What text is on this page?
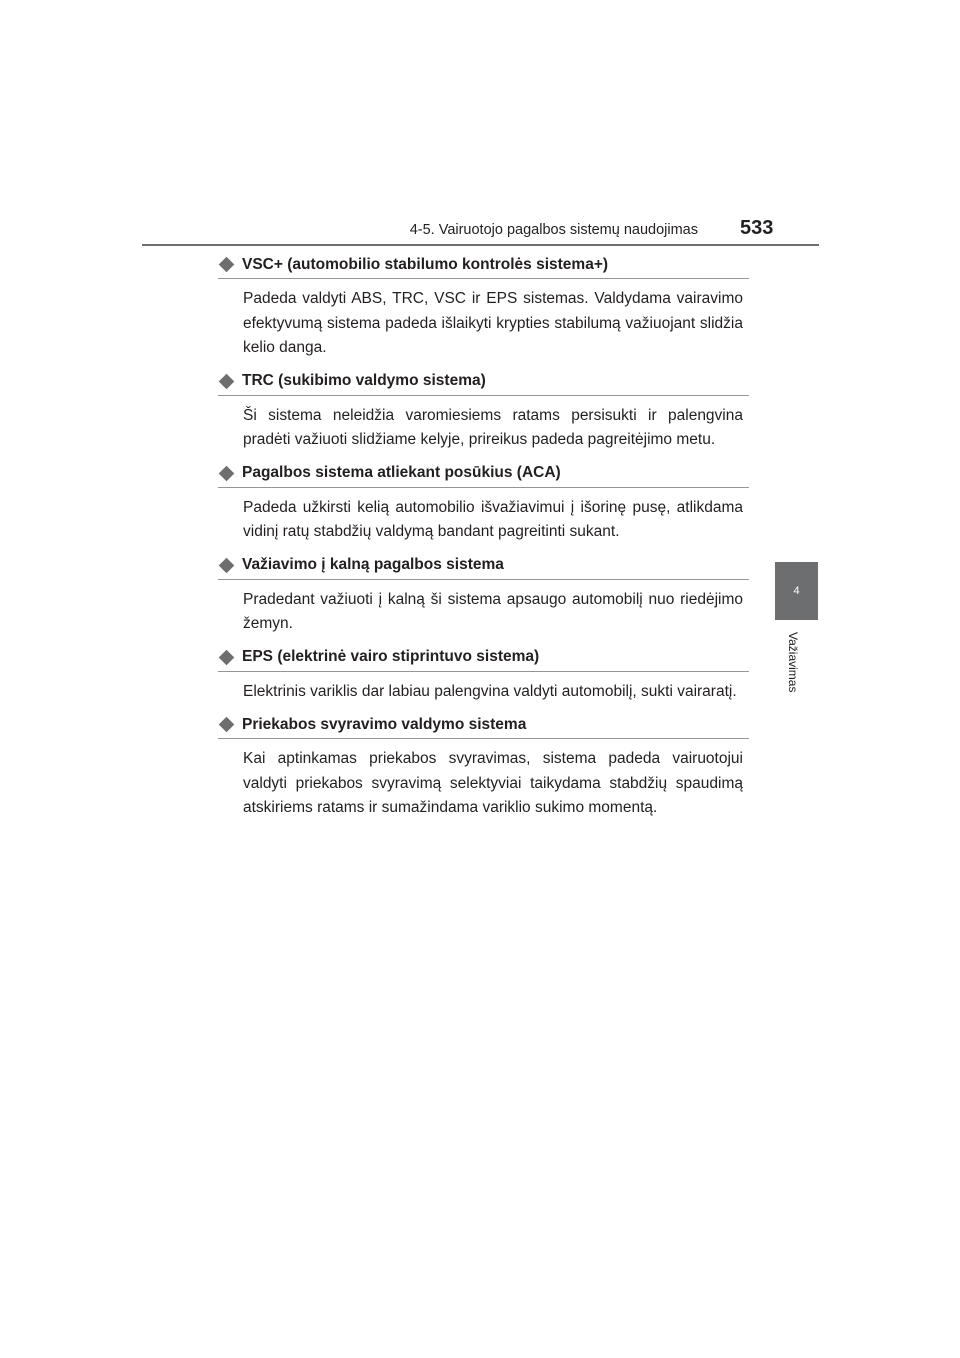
4-5. Vairuotojo pagalbos sistemų naudojimas 533
4
Važiavimas
VSC+ (automobilio stabilumo kontrolės sistema+)

Padeda valdyti ABS, TRC, VSC ir EPS sistemas. Valdydama vairavimo efektyvumą sistema padeda išlaikyti krypties stabilumą važiuojant slidžia kelio danga.

TRC (sukibimo valdymo sistema)

Ši sistema neleidžia varomiesiems ratams persisukti ir palengvina pradėti važiuoti slidžiame kelyje, prireikus padeda pagreitėjimo metu.

Pagalbos sistema atliekant posūkius (ACA)

Padeda užkirsti kelią automobilio išvažiavimui į išorinę pusę, atlikdama vidinį ratų stabdžių valdymą bandant pagreitinti sukant.

Važiavimo į kalną pagalbos sistema

Pradedant važiuoti į kalną ši sistema apsaugo automobilį nuo riedėjimo žemyn.

EPS (elektrinė vairo stiprintuvo sistema)

Elektrinis variklis dar labiau palengvina valdyti automobilį, sukti vairaratį.

Priekabos svyravimo valdymo sistema

Kai aptinkamas priekabos svyravimas, sistema padeda vairuotojui valdyti priekabos svyravimą selektyviai taikydama stabdžių spaudimą atskiriems ratams ir sumažindama variklio sukimo momentą.
